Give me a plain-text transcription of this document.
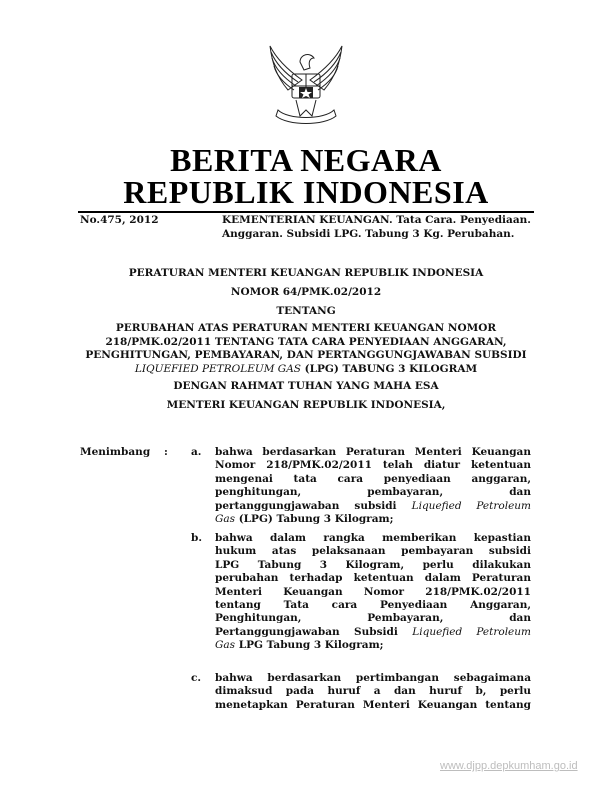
BERITA NEGARA
REPUBLIK INDONESIA
No.475, 2012	KEMENTERIAN KEUANGAN. Tata Cara. Penyediaan.
Anggaran. Subsidi LPG. Tabung 3 Kg. Perubahan.
PERATURAN MENTERI KEUANGAN REPUBLIK INDONESIA
NOMOR 64/PMK.02/2012
TENTANG
PERUBAHAN ATAS PERATURAN MENTERI KEUANGAN NOMOR
218/PMK.02/2011 TENTANG TATA CARA PENYEDIAAN ANGGARAN,
PENGHITUNGAN, PEMBAYARAN, DAN PERTANGGUNGJAWABAN SUBSIDI
LIQUEFIED PETROLEUM GAS (LPG) TABUNG 3 KILOGRAM
DENGAN RAHMAT TUHAN YANG MAHA ESA
MENTERI KEUANGAN REPUBLIK INDONESIA,
Menimbang : a. bahwa berdasarkan Peraturan Menteri Keuangan
Nomor 218/PMK.02/2011 telah diatur ketentuan
mengenai tata cara penyediaan anggaran,
penghitungan, pembayaran, dan
pertanggungjawaban subsidi Liquefied Petroleum
Gas (LPG) Tabung 3 Kilogram;
b. bahwa dalam rangka memberikan kepastian
hukum atas pelaksanaan pembayaran subsidi
LPG Tabung 3 Kilogram, perlu dilakukan
perubahan terhadap ketentuan dalam Peraturan
Menteri Keuangan Nomor 218/PMK.02/2011
tentang Tata cara Penyediaan Anggaran,
Penghitungan, Pembayaran, dan
Pertanggungjawaban Subsidi Liquefied Petroleum
Gas LPG Tabung 3 Kilogram;
c. bahwa berdasarkan pertimbangan sebagaimana
dimaksud pada huruf a dan huruf b, perlu
menetapkan Peraturan Menteri Keuangan tentang
www.djpp.depkumham.go.id
